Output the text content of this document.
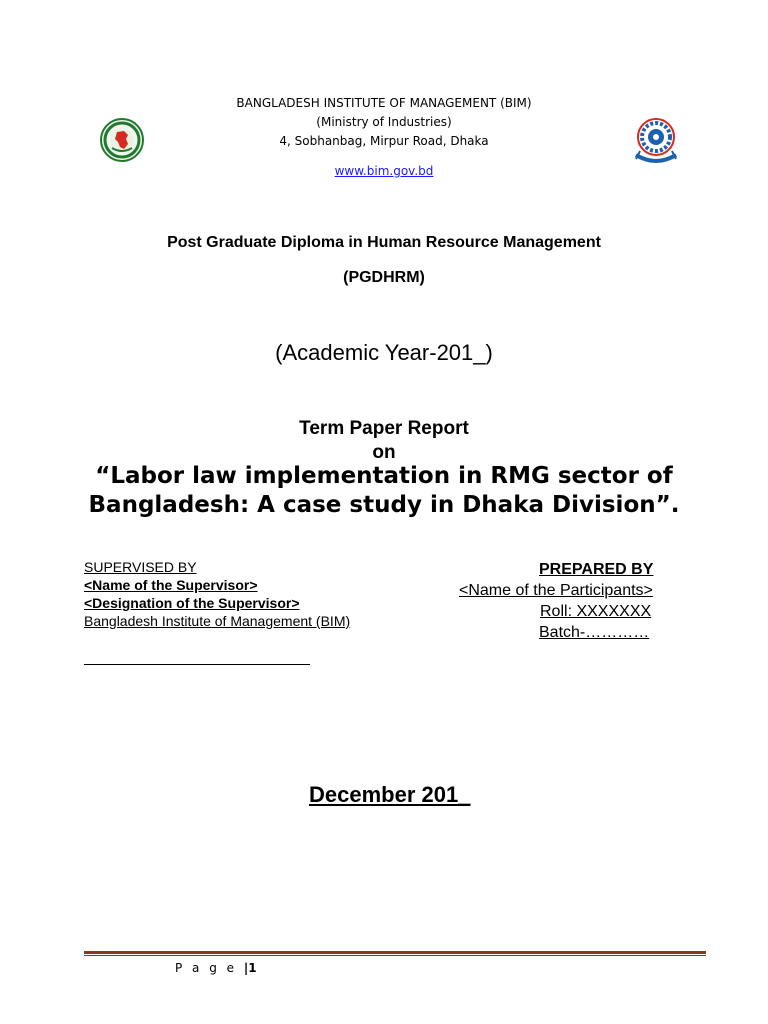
BANGLADESH INSTITUTE OF MANAGEMENT (BIM)
(Ministry of Industries)
4, Sobhanbag, Mirpur Road, Dhaka
www.bim.gov.bd
Post Graduate Diploma in Human Resource Management
(PGDHRM)
(Academic Year-201_)
Term Paper Report
on
“Labor law implementation in RMG sector of
Bangladesh: A case study in Dhaka Division”.
SUPERVISED BY
<Name of the Supervisor>
<Designation of the Supervisor>
Bangladesh Institute of Management (BIM)
PREPARED BY
<Name of the Participants>
Roll: XXXXXXX
Batch-…………
December 201_
P a g e |1
